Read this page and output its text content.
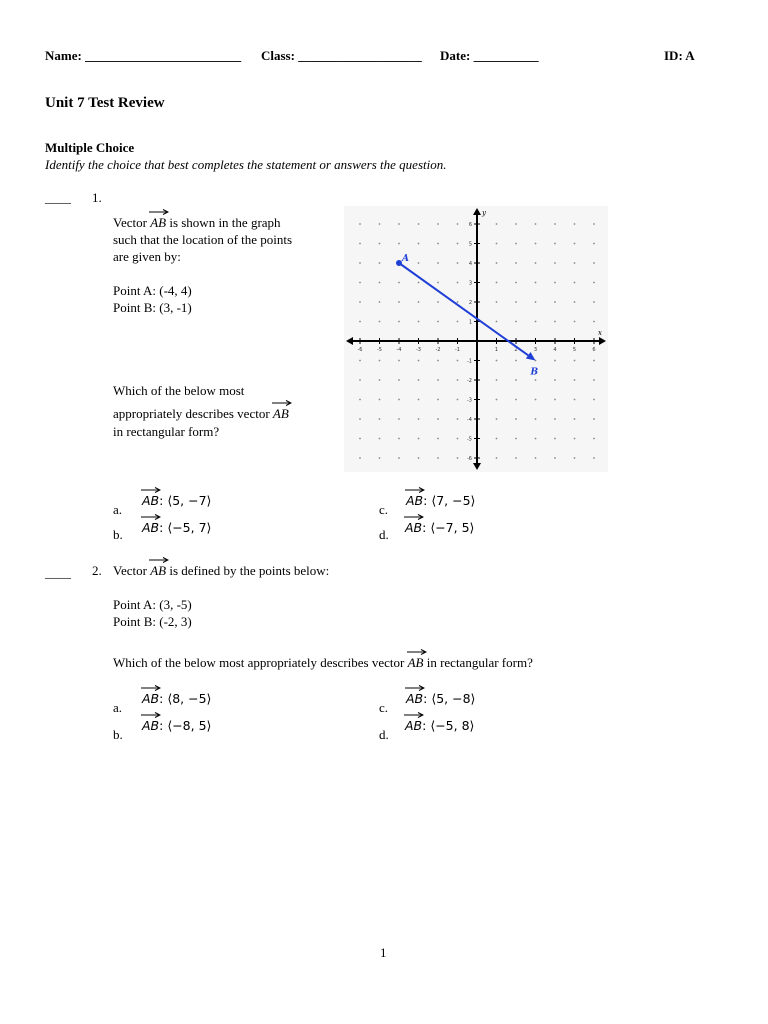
Name: ________________________ Class: ___________________ Date: __________	ID: A
Unit 7 Test Review
Multiple Choice
Identify the choice that best completes the statement or answers the question.
____ 1.
Vector AB is shown in the graph
such that the location of the points
are given by:
Point A: (-4, 4)
Point B: (3, -1)
Which of the below most
appropriately describes vector AB
in rectangular form?
-6	-5	-4	-3	-2	-1	1	2	3	4	5	6
6
5
4
3
2
1
-1
-2
-3
-4
-5
-6
x
y
A
B
a.
AB
: ⟨5, −7⟩
b. AB
: ⟨−5, 7⟩
c.
AB
: ⟨7, −5⟩
d. AB
: ⟨−7, 5⟩
____ 2. Vector AB is defined by the points below:
Point A: (3, -5)
Point B: (-2, 3)
Which of the below most appropriately describes vector AB in rectangular form?
a.
AB
: ⟨8, −5⟩
b.
AB
: ⟨−8, 5⟩
c.
AB
: ⟨5, −8⟩
d.
AB
: ⟨−5, 8⟩
1
